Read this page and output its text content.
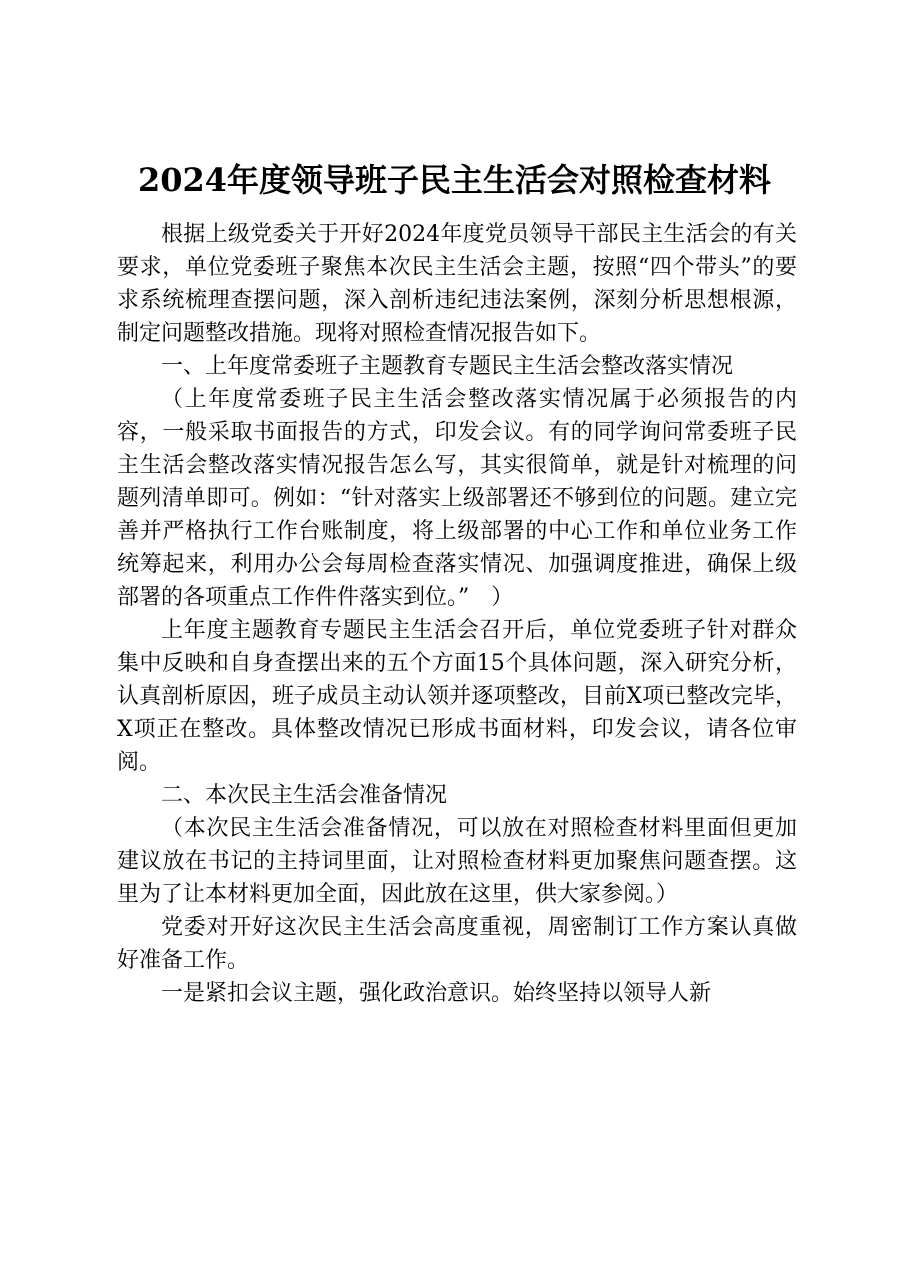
2024年度领导班子民主生活会对照检查材料

根据上级党委关于开好2024年度党员领导干部民主生活会的有关要求，单位党委班子聚焦本次民主生活会主题，按照“四个带头”的要求系统梳理查摆问题，深入剖析违纪违法案例，深刻分析思想根源，制定问题整改措施。现将对照检查情况报告如下。

一、上年度常委班子主题教育专题民主生活会整改落实情况

（上年度常委班子民主生活会整改落实情况属于必须报告的内容，一般采取书面报告的方式，印发会议。有的同学询问常委班子民主生活会整改落实情况报告怎么写，其实很简单，就是针对梳理的问题列清单即可。例如：“针对落实上级部署还不够到位的问题。建立完善并严格执行工作台账制度，将上级部署的中心工作和单位业务工作统筹起来，利用办公会每周检查落实情况、加强调度推进，确保上级部署的各项重点工作件件落实到位。”　）

上年度主题教育专题民主生活会召开后，单位党委班子针对群众集中反映和自身查摆出来的五个方面15个具体问题，深入研究分析，认真剖析原因，班子成员主动认领并逐项整改，目前X项已整改完毕，X项正在整改。具体整改情况已形成书面材料，印发会议，请各位审阅。

二、本次民主生活会准备情况

（本次民主生活会准备情况，可以放在对照检查材料里面但更加建议放在书记的主持词里面，让对照检查材料更加聚焦问题查摆。这里为了让本材料更加全面，因此放在这里，供大家参阅。）

党委对开好这次民主生活会高度重视，周密制订工作方案认真做好准备工作。

一是紧扣会议主题，强化政治意识。始终坚持以领导人新
